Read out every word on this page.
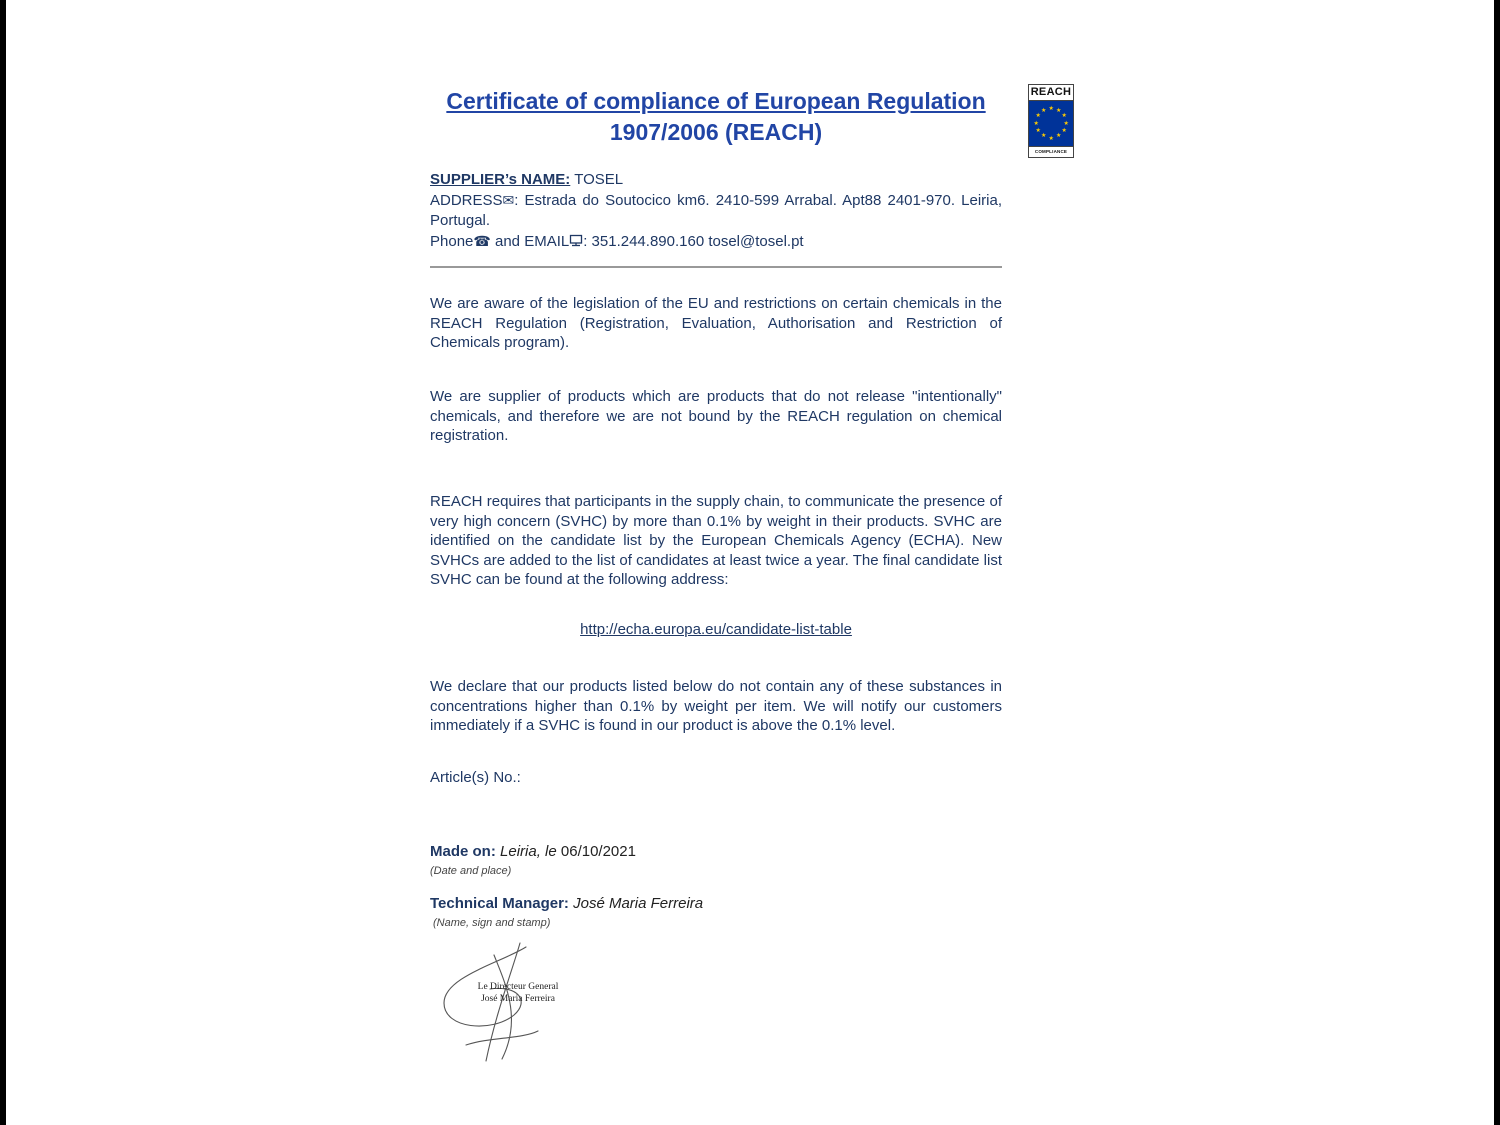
Certificate of compliance of European Regulation
1907/2006 (REACH)
REACH
★ ★
★
★
★
★
★
★
★
★
★
★
COMPLIANCE

SUPPLIER’s NAME: TOSEL

ADDRESS✉: Estrada do Soutocico km6. 2410-599 Arrabal. Apt88 2401-970. Leiria, Portugal.

Phone☎ and EMAIL : 351.244.890.160 tosel@tosel.pt

We are aware of the legislation of the EU and restrictions on certain chemicals in the REACH Regulation (Registration, Evaluation, Authorisation and Restriction of Chemicals program).

We are supplier of products which are products that do not release "intentionally" chemicals, and therefore we are not bound by the REACH regulation on chemical registration.

REACH requires that participants in the supply chain, to communicate the presence of very high concern (SVHC) by more than 0.1% by weight in their products. SVHC are identified on the candidate list by the European Chemicals Agency (ECHA). New SVHCs are added to the list of candidates at least twice a year. The final candidate list SVHC can be found at the following address:

http://echa.europa.eu/candidate-list-table

We declare that our products listed below do not contain any of these substances in concentrations higher than 0.1% by weight per item. We will notify our customers immediately if a SVHC is found in our product is above the 0.1% level.

Article(s) No.:

Made on: Leiria, le 06/10/2021

(Date and place)

Technical Manager: José Maria Ferreira

(Name, sign and stamp)

Le Directeur General
José Maria Ferreira
